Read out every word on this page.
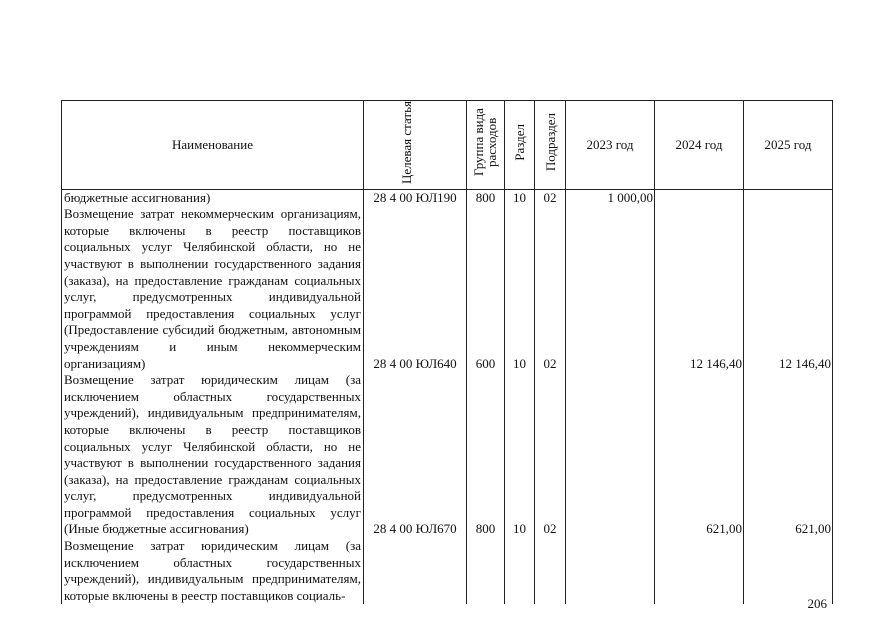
Наименование	Целевая статья	Группа вида расходов	Раздел	Подраздел	2023 год	2024 год	2025 год
бюджетные ассигнования)	28 4 00 ЮЛ190	800	10	02	1 000,00		
Возмещение затрат некоммерческим организациям, которые включены в реестр поставщиков социальных услуг Челябинской области, но не участвуют в выполнении государственного задания (заказа), на предоставление гражданам социальных услуг, предусмотренных индивидуальной программой предоставления социальных услуг (Предоставление субсидий бюджетным, автономным учреждениям и иным некоммерческим организациям)	28 4 00 ЮЛ640	600	10	02		12 146,40	12 146,40
Возмещение затрат юридическим лицам (за исключением областных государственных учреждений), индивидуальным предпринимателям, которые включены в реестр поставщиков социальных услуг Челябинской области, но не участвуют в выполнении государственного задания (заказа), на предоставление гражданам социальных услуг, предусмотренных индивидуальной программой предоставления социальных услуг (Иные бюджетные ассигнования)	28 4 00 ЮЛ670	800	10	02		621,00	621,00
Возмещение затрат юридическим лицам (за исключением областных государственных учреждений), индивидуальным предпринимателям, которые включены в реестр поставщиков социаль-							
206
